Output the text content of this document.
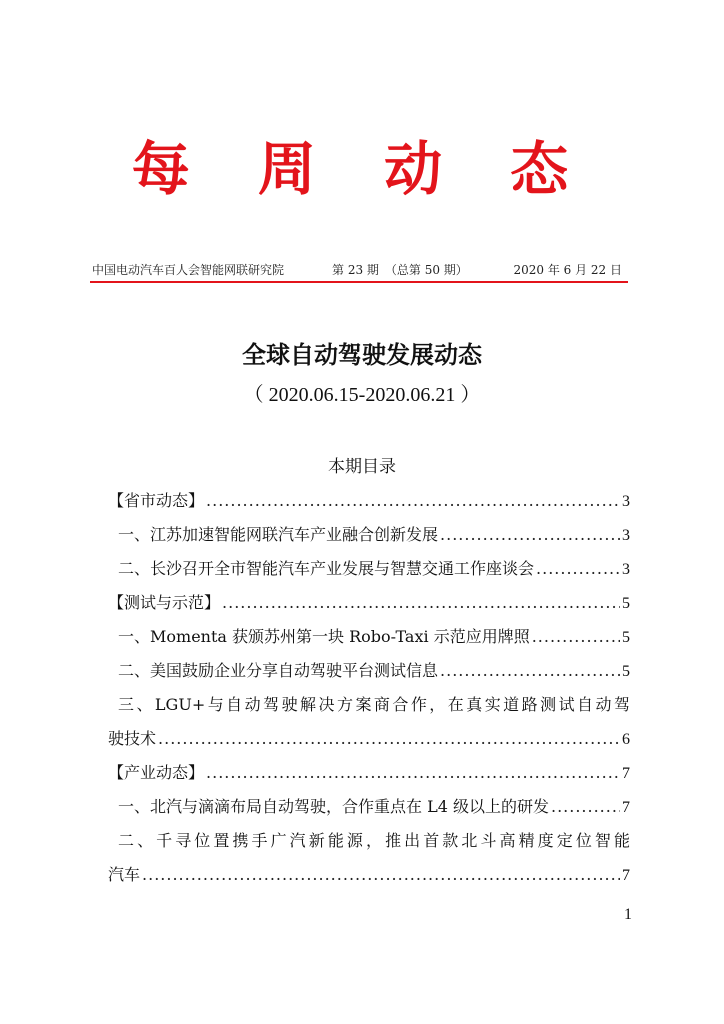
每 周 动 态
中国电动汽车百人会智能网联研究院	第 23 期　（总第 50 期）	2020 年 6 月 22 日
全球自动驾驶发展动态
（ 2020.06.15-2020.06.21 ）
本期目录
【省市动态】 .....	3
一、江苏加速智能网联汽车产业融合创新发展 .....	3
二、长沙召开全市智能汽车产业发展与智慧交通工作座谈会 .....	3
【测试与示范】 .....	5
一、Momenta 获颁苏州第一块 Robo-Taxi 示范应用牌照 .....	5
二、美国鼓励企业分享自动驾驶平台测试信息 .....	5
三、LGU+与自动驾驶解决方案商合作，在真实道路测试自动驾
驶技术 .....	6
【产业动态】 .....	7
一、北汽与滴滴布局自动驾驶，合作重点在 L4 级以上的研发 .....	7
二、千寻位置携手广汽新能源，推出首款北斗高精度定位智能
汽车 .....	7
1
